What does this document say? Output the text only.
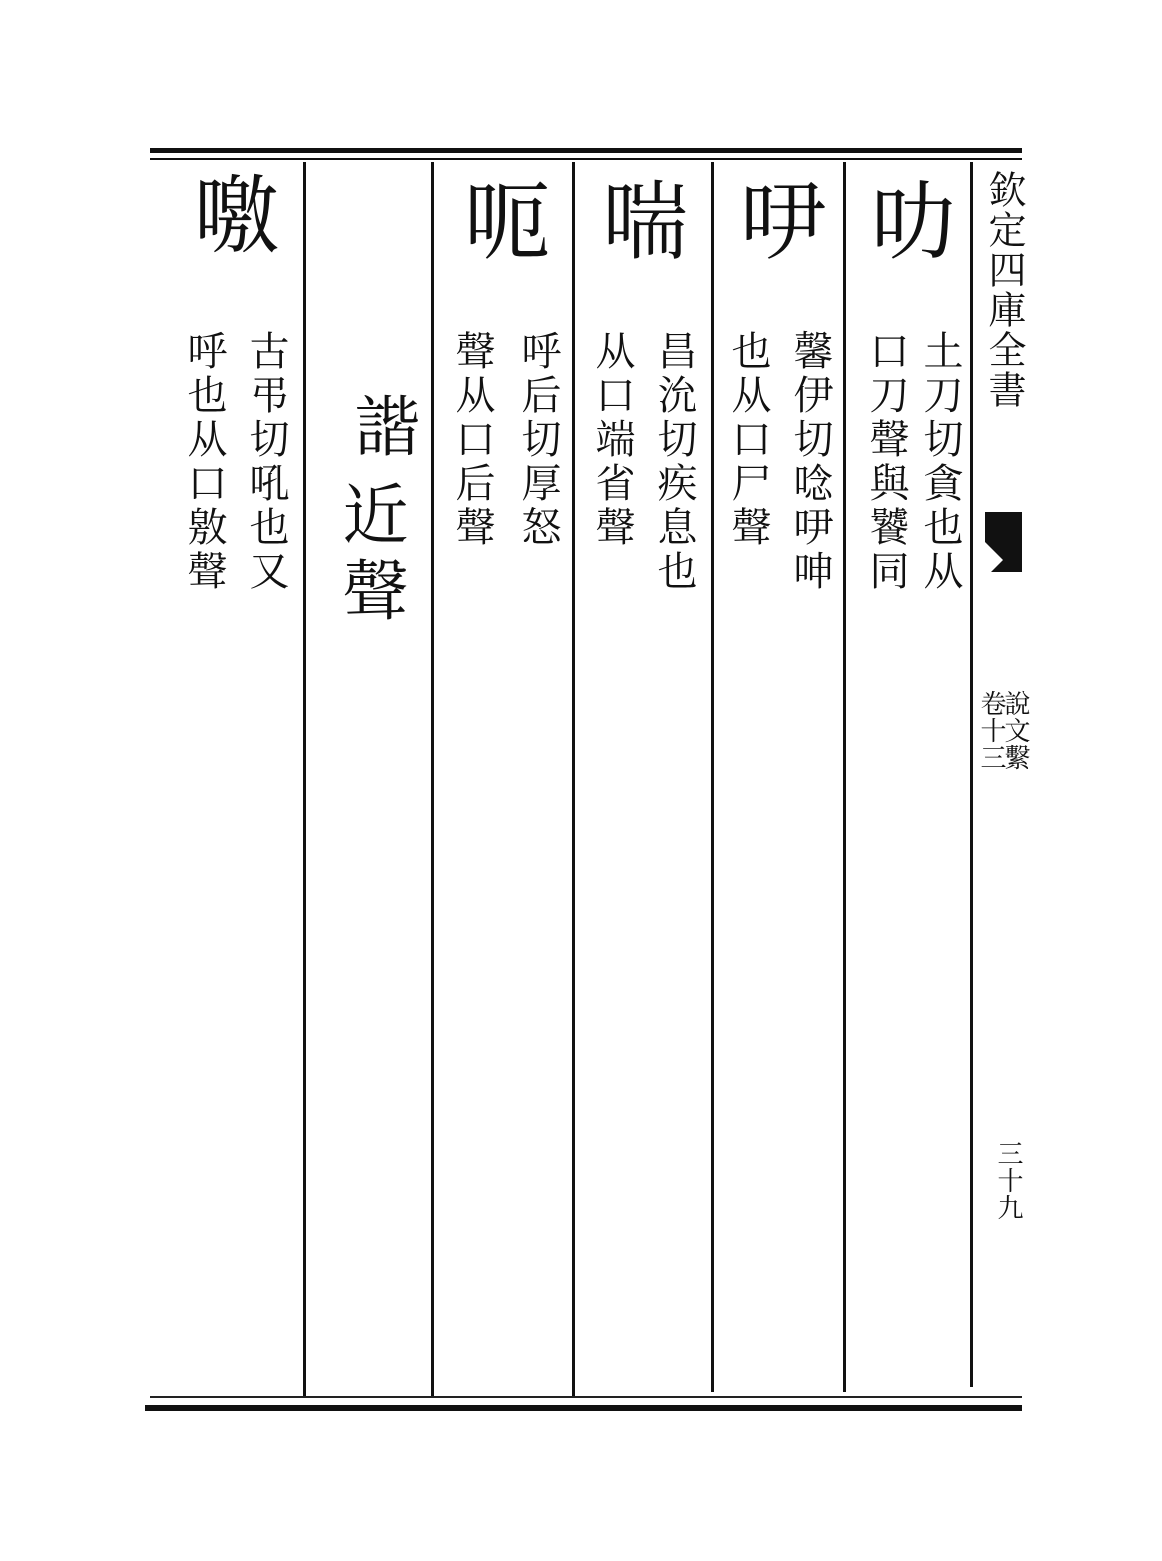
欽定四庫全書
卷十三
說文繫
三十九
叻
土刀切貪也从
口刀聲與饕同
吚
馨伊切唸吚呻
也从口尸聲
喘
昌沇切疾息也
从口端省聲
呃
呼后切厚怒
聲从口后聲
諧
近聲
噭
古弔切吼也又
呼也从口敫聲
